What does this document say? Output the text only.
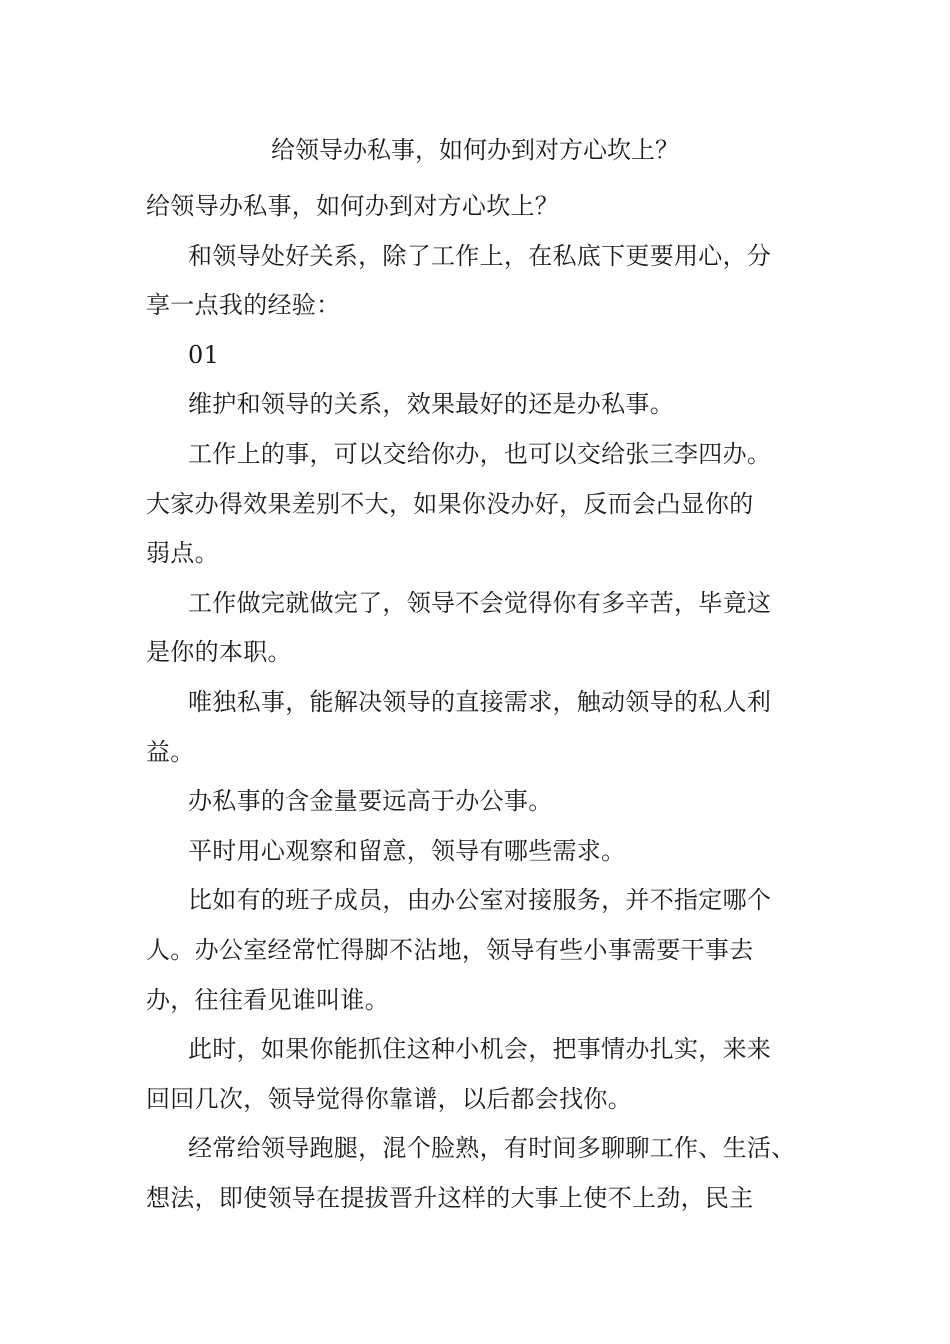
给领导办私事，如何办到对方心坎上？

给领导办私事，如何办到对方心坎上？

和领导处好关系，除了工作上，在私底下更要用心，分
享一点我的经验：

01

维护和领导的关系，效果最好的还是办私事。

工作上的事，可以交给你办，也可以交给张三李四办。
大家办得效果差别不大，如果你没办好，反而会凸显你的
弱点。

工作做完就做完了，领导不会觉得你有多辛苦，毕竟这
是你的本职。

唯独私事，能解决领导的直接需求，触动领导的私人利
益。

办私事的含金量要远高于办公事。

平时用心观察和留意，领导有哪些需求。

比如有的班子成员，由办公室对接服务，并不指定哪个
人。办公室经常忙得脚不沾地，领导有些小事需要干事去
办，往往看见谁叫谁。

此时，如果你能抓住这种小机会，把事情办扎实，来来
回回几次，领导觉得你靠谱，以后都会找你。

经常给领导跑腿，混个脸熟，有时间多聊聊工作、生活、
想法，即使领导在提拔晋升这样的大事上使不上劲，民主
